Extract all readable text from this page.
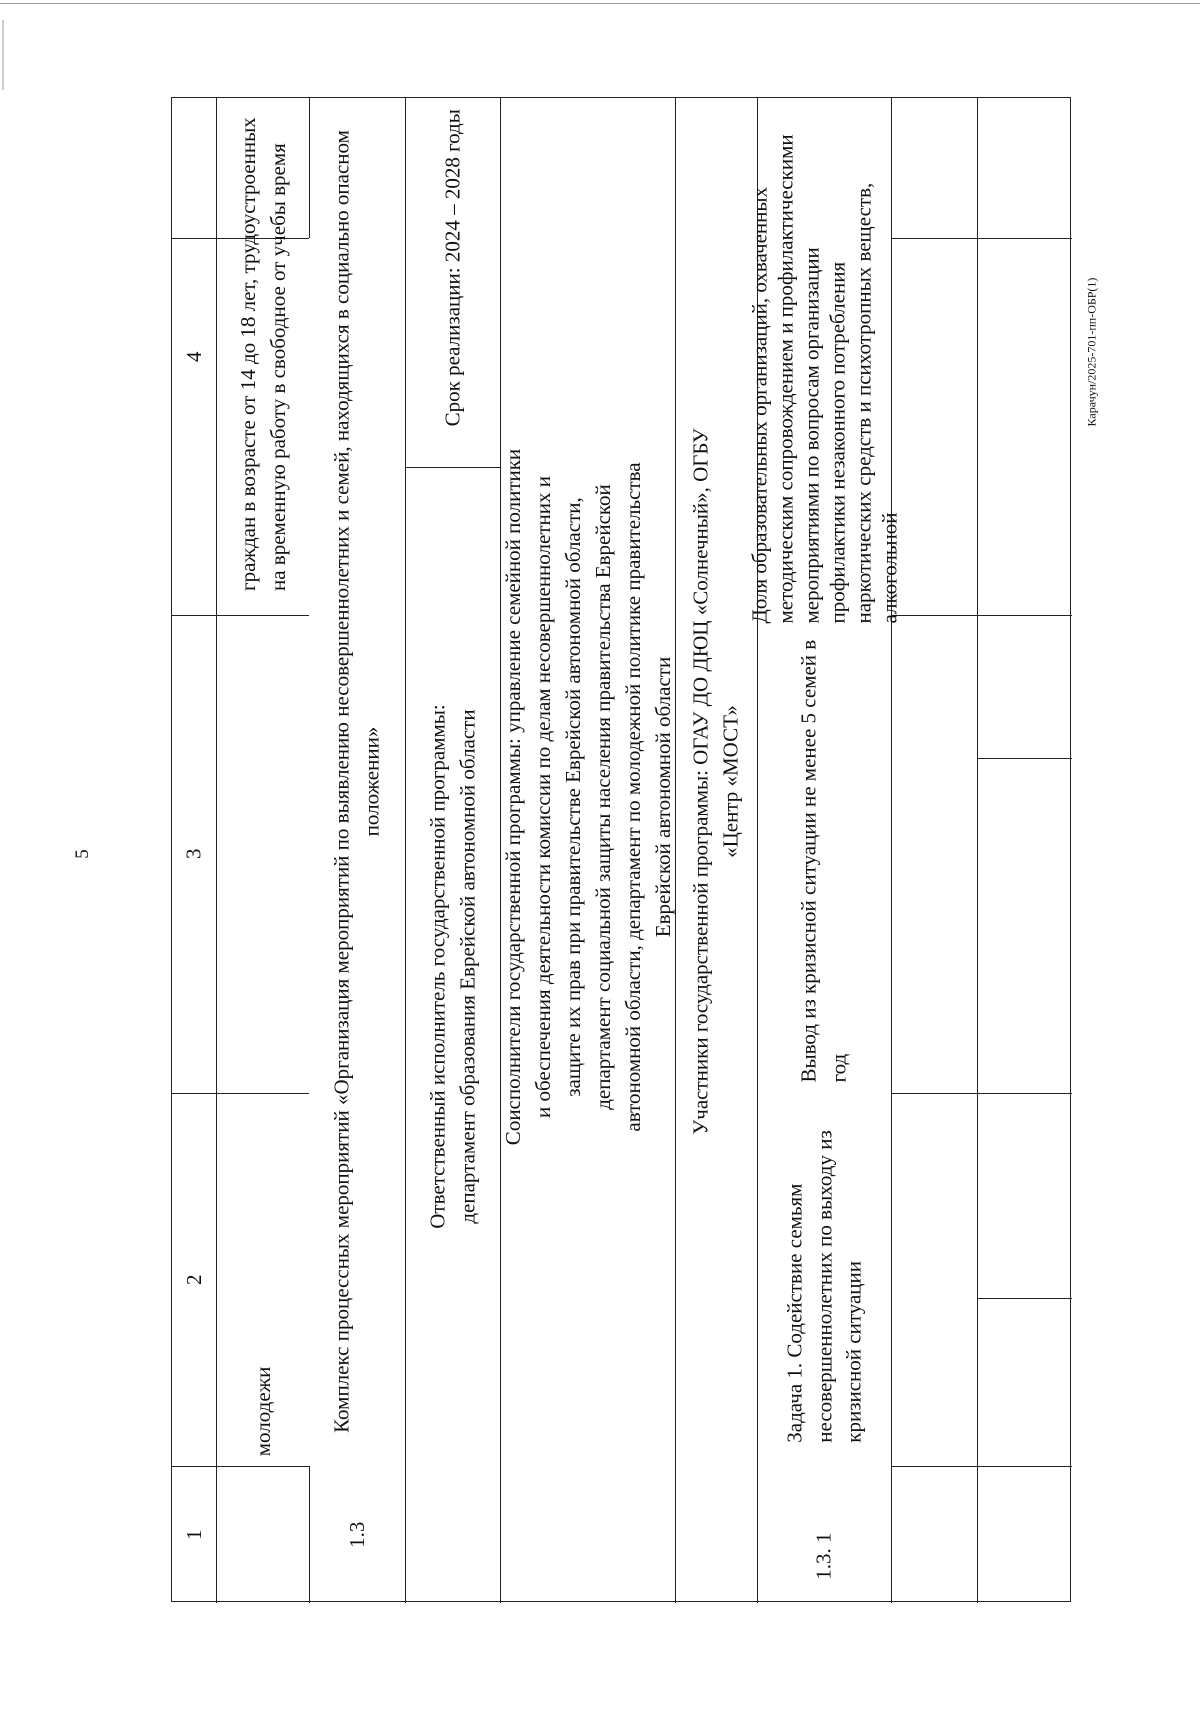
5
Карачун/2025-701-пп-ОБР(1)
1
2
3
4
молодежи
граждан в возрасте от 14 до 18 лет, трудоустроенных на временную работу в свободное от учебы время
1.3
Комплекс процессных мероприятий «Организация мероприятий по выявлению несовершеннолетних и семей, находящихся в социально опасном положении» Ответственный исполнитель государственной программы: департамент образования Еврейской автономной области
Срок реализации: 2024 – 2028 годы
Соисполнители государственной программы: управление семейной политики и обеспечения деятельности комиссии по делам несовершеннолетних и защите их прав при правительстве Еврейской автономной области, департамент социальной защиты населения правительства Еврейской автономной области, департамент по молодежной политике правительства Еврейской автономной области Участники государственной программы: ОГАУ ДО ДЮЦ «Солнечный», ОГБУ «Центр «МОСТ»
1.3. 1
Задача 1. Содействие семьям несовершеннолетних по выходу из кризисной ситуации
Вывод из кризисной ситуации не менее 5 семей в год
Доля образовательных организаций, охваченных методическим сопровождением и профилактическими мероприятиями по вопросам организации профилактики незаконного потребления наркотических средств и психотропных веществ, алкогольной
